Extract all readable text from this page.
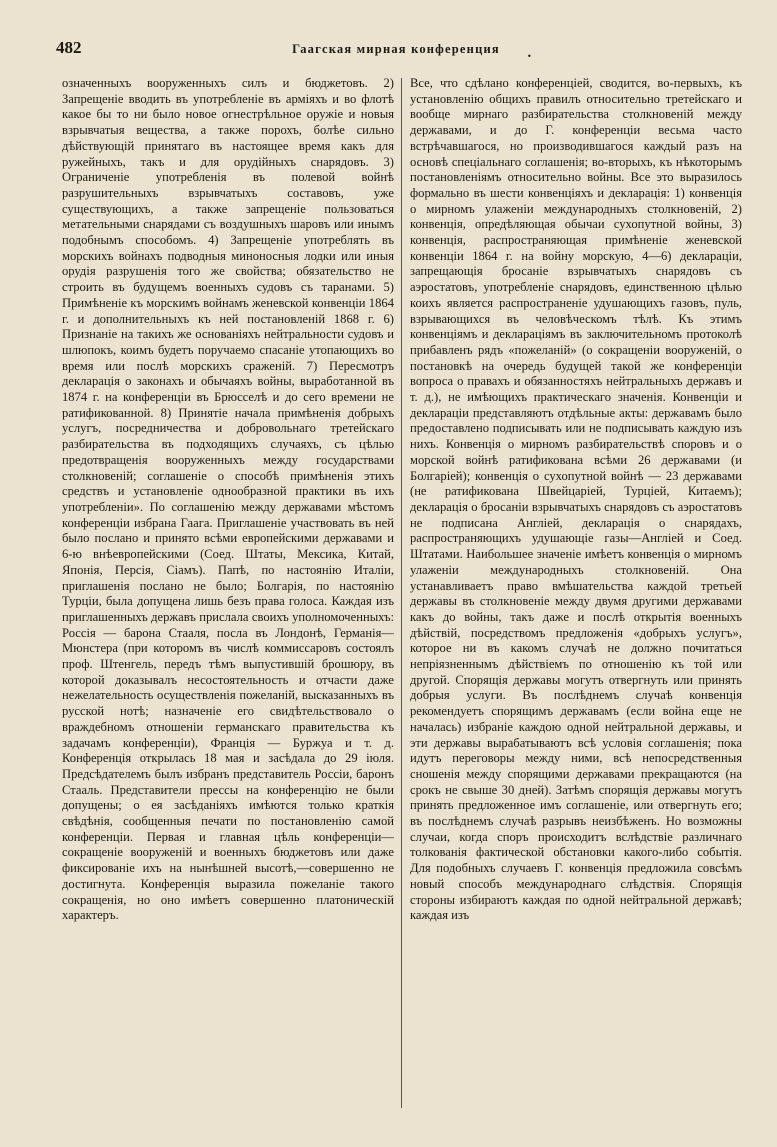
482	Гаагская мирная конференция
•

означенныхъ вооруженныхъ силъ и бюджетовъ. 2) Запрещеніе вводить въ употребленіе въ арміяхъ и во флотѣ какое бы то ни было новое огнестрѣльное оружіе и новыя взрывчатыя вещества, а также порохъ, болѣе сильно дѣйствующій принятаго въ настоящее время какъ для ружейныхъ, такъ и для орудійныхъ снарядовъ. 3) Ограниченіе употребленія въ полевой войнѣ разрушительныхъ взрывчатыхъ составовъ, уже существующихъ, а также запрещеніе пользоваться метательными снарядами съ воздушныхъ шаровъ или инымъ подобнымъ способомъ. 4) Запрещеніе употреблять въ морскихъ войнахъ подводныя миноносныя лодки или иныя орудія разрушенія того же свойства; обязательство не строить въ будущемъ военныхъ судовъ съ таранами. 5) Примѣненіе къ морскимъ войнамъ женевской конвенціи 1864 г. и дополнительныхъ къ ней постановленій 1868 г. 6) Признаніе на такихъ же основаніяхъ нейтральности судовъ и шлюпокъ, коимъ будетъ поручаемо спасаніе утопающихъ во время или послѣ морскихъ сраженій. 7) Пересмотръ декларація о законахъ и обычаяхъ войны, выработанной въ 1874 г. на конференціи въ Брюсселѣ и до сего времени не ратификованной. 8) Принятіе начала примѣненія добрыхъ услугъ, посредничества и добровольнаго третейскаго разбирательства въ подходящихъ случаяхъ, съ цѣлью предотвращенія вооруженныхъ между государствами столкновеній; соглашеніе о способѣ примѣненія этихъ средствъ и установленіе однообразной практики въ ихъ употребленіи». По соглашенію между державами мѣстомъ конференціи избрана Гаага. Приглашеніе участвовать въ ней было послано и принято всѣми европейскими державами и 6-ю внѣевропейскими (Соед. Штаты, Мексика, Китай, Японія, Персія, Сіамъ). Папѣ, по настоянію Италіи, приглашенія послано не было; Болгарія, по настоянію Турціи, была допущена лишь безъ права голоса. Каждая изъ приглашенныхъ державъ прислала своихъ уполномоченныхъ: Россія — барона Стааля, посла въ Лондонѣ, Германія—Мюнстера (при которомъ въ числѣ коммиссаровъ состоялъ проф. Штенгель, передъ тѣмъ выпустившій брошюру, въ которой доказывалъ несостоятельность и отчасти даже нежелательность осуществленія пожеланій, высказанныхъ въ русской нотѣ; назначеніе его свидѣтельствовало о враждебномъ отношеніи германскаго правительства къ задачамъ конференціи), Франція — Буржуа и т. д. Конференція открылась 18 мая и засѣдала до 29 іюля. Предсѣдателемъ былъ избранъ представитель Россіи, баронъ Стааль. Представители прессы на конференцію не были допущены; о ея засѣданіяхъ имѣются только краткія свѣдѣнія, сообщенныя печати по постановленію самой конференціи. Первая и главная цѣль конференціи—сокращеніе вооруженій и военныхъ бюджетовъ или даже фиксированіе ихъ на нынѣшней высотѣ,—совершенно не достигнута. Конференція выразила пожеланіе такого сокращенія, но оно имѣетъ совершенно платоническій характеръ.

Все, что сдѣлано конференціей, сводится, во-первыхъ, къ установленію общихъ правилъ относительно третейскаго и вообще мирнаго разбирательства столкновеній между державами, и до Г. конференціи весьма часто встрѣчавшагося, но производившагося каждый разъ на основѣ спеціальнаго соглашенія; во-вторыхъ, къ нѣкоторымъ постановленіямъ относительно войны. Все это выразилось формально въ шести конвенціяхъ и декларація: 1) конвенція о мирномъ улаженіи международныхъ столкновеній, 2) конвенція, опредѣляющая обычаи сухопутной войны, 3) конвенція, распространяющая примѣненіе женевской конвенціи 1864 г. на войну морскую, 4—6) деклараціи, запрещающія бросаніе взрывчатыхъ снарядовъ съ аэростатовъ, употребленіе снарядовъ, единственною цѣлью коихъ является распространеніе удушающихъ газовъ, пуль, взрывающихся въ человѣческомъ тѣлѣ. Къ этимъ конвенціямъ и деклараціямъ въ заключительномъ протоколѣ прибавленъ рядъ «пожеланій» (о сокращеніи вооруженій, о постановкѣ на очередь будущей такой же конференціи вопроса о правахъ и обязанностяхъ нейтральныхъ державъ и т. д.), не имѣющихъ практическаго значенія. Конвенціи и деклараціи представляютъ отдѣльные акты: державамъ было предоставлено подписывать или не подписывать каждую изъ нихъ. Конвенція о мирномъ разбирательствѣ споровъ и о морской войнѣ ратификована всѣми 26 державами (и Болгаріей); конвенція о сухопутной войнѣ — 23 державами (не ратификована Швейцаріей, Турціей, Китаемъ); декларація о бросаніи взрывчатыхъ снарядовъ съ аэростатовъ не подписана Англіей, декларація о снарядахъ, распространяющихъ удушающіе газы—Англіей и Соед. Штатами. Наибольшее значеніе имѣетъ конвенція о мирномъ улаженіи международныхъ столкновеній. Она устанавливаетъ право вмѣшательства каждой третьей державы въ столкновеніе между двумя другими державами какъ до войны, такъ даже и послѣ открытія военныхъ дѣйствій, посредствомъ предложенія «добрыхъ услугъ», которое ни въ какомъ случаѣ не должно почитаться непріязненнымъ дѣйствіемъ по отношенію къ той или другой. Спорящія державы могутъ отвергнуть или принять добрыя услуги. Въ послѣднемъ случаѣ конвенція рекомендуетъ спорящимъ державамъ (если война еще не началась) избраніе каждою одной нейтральной державы, и эти державы вырабатываютъ всѣ условія соглашенія; пока идутъ переговоры между ними, всѣ непосредственныя сношенія между спорящими державами прекращаются (на срокъ не свыше 30 дней). Затѣмъ спорящія державы могутъ принять предложенное имъ соглашеніе, или отвергнуть его; въ послѣднемъ случаѣ разрывъ неизбѣженъ. Но возможны случаи, когда споръ происходитъ вслѣдствіе различнаго толкованія фактической обстановки какого-либо событія. Для подобныхъ случаевъ Г. конвенція предложила совсѣмъ новый способъ международнаго слѣдствія. Спорящія стороны избираютъ каждая по одной нейтральной державѣ; каждая изъ
